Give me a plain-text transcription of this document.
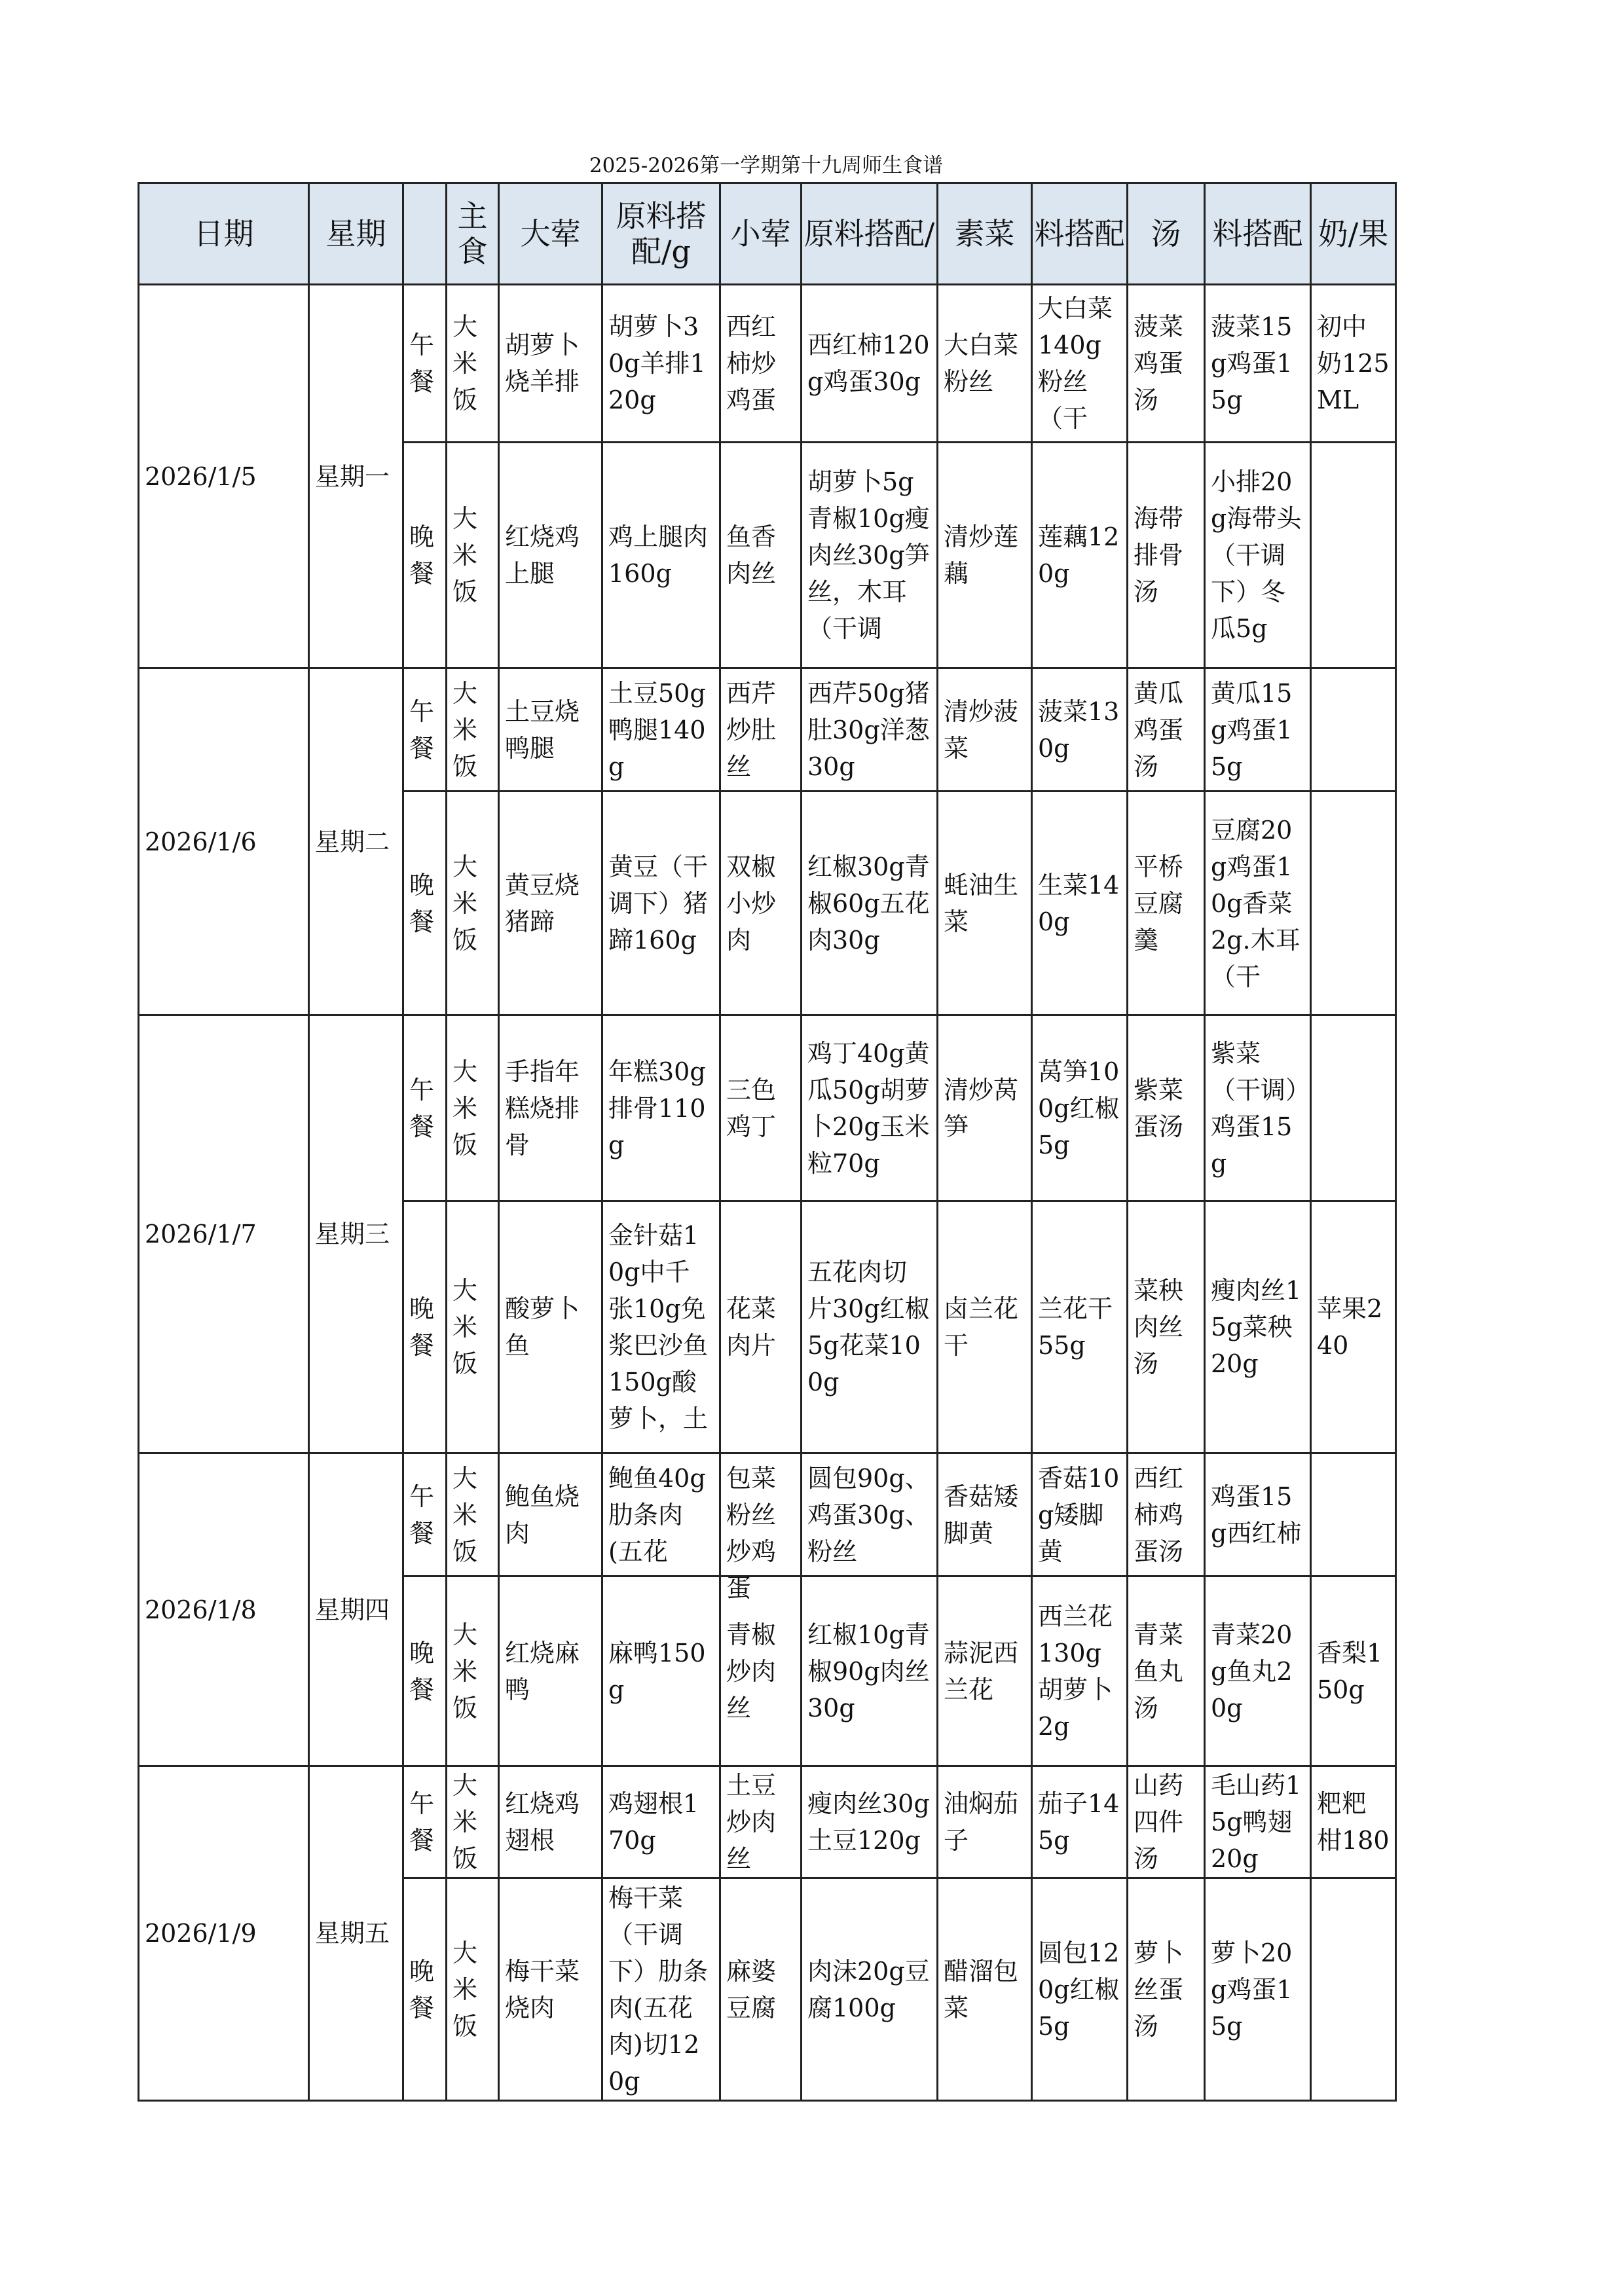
2025-2026第一学期第十九周师生食谱
日期	星期		主食	大荤	原料搭配/g	小荤	原料搭配/	素菜	料搭配	汤	料搭配	奶/果
2026/1/5	星期一	午餐	大米饭	胡萝卜烧羊排	胡萝卜30g羊排120g	西红柿炒鸡蛋	西红柿120g鸡蛋30g	大白菜粉丝	大白菜140g粉丝（干	菠菜鸡蛋汤	菠菜15g鸡蛋15g	初中奶125ML

		晚餐	大米饭	红烧鸡上腿	鸡上腿肉160g	鱼香肉丝	胡萝卜5g青椒10g瘦肉丝30g笋丝，木耳（干调	清炒莲藕	莲藕120g	海带排骨汤	小排20g海带头（干调下）冬瓜5g	

2026/1/6	星期二	午餐	大米饭	土豆烧鸭腿	土豆50g鸭腿140g	西芹炒肚丝	西芹50g猪肚30g洋葱30g	清炒菠菜	菠菜130g	黄瓜鸡蛋汤	黄瓜15g鸡蛋15g	

		晚餐	大米饭	黄豆烧猪蹄	黄豆（干调下）猪蹄160g	双椒小炒肉	红椒30g青椒60g五花肉30g	蚝油生菜	生菜140g	平桥豆腐羹	豆腐20g鸡蛋10g香菜2g.木耳（干	

2026/1/7	星期三	午餐	大米饭	手指年糕烧排骨	年糕30g排骨110g	三色鸡丁	鸡丁40g黄瓜50g胡萝卜20g玉米粒70g	清炒莴笋	莴笋100g红椒5g	紫菜蛋汤	紫菜（干调）鸡蛋15g	

		晚餐	大米饭	酸萝卜鱼	金针菇10g中千张10g免浆巴沙鱼150g酸萝卜，土	花菜肉片	五花肉切片30g红椒5g花菜100g	卤兰花干	兰花干55g	菜秧肉丝汤	瘦肉丝15g菜秧20g	苹果240

2026/1/8	星期四	午餐	大米饭	鲍鱼烧肉	鲍鱼40g肋条肉(五花	包菜粉丝炒鸡蛋	圆包90g、鸡蛋30g、粉丝	香菇矮脚黄	香菇10g矮脚黄	西红柿鸡蛋汤	鸡蛋15g西红柿	

		晚餐	大米饭	红烧麻鸭	麻鸭150g	青椒炒肉丝	红椒10g青椒90g肉丝30g	蒜泥西兰花	西兰花130g胡萝卜2g	青菜鱼丸汤	青菜20g鱼丸20g	香梨150g

2026/1/9	星期五	午餐	大米饭	红烧鸡翅根	鸡翅根170g	土豆炒肉丝	瘦肉丝30g土豆120g	油焖茄子	茄子145g	山药四件汤	毛山药15g鸭翅20g	粑粑柑180

		晚餐	大米饭	梅干菜烧肉	梅干菜（干调下）肋条肉(五花肉)切120g	麻婆豆腐	肉沫20g豆腐100g	醋溜包菜	圆包120g红椒5g	萝卜丝蛋汤	萝卜20g鸡蛋15g	
